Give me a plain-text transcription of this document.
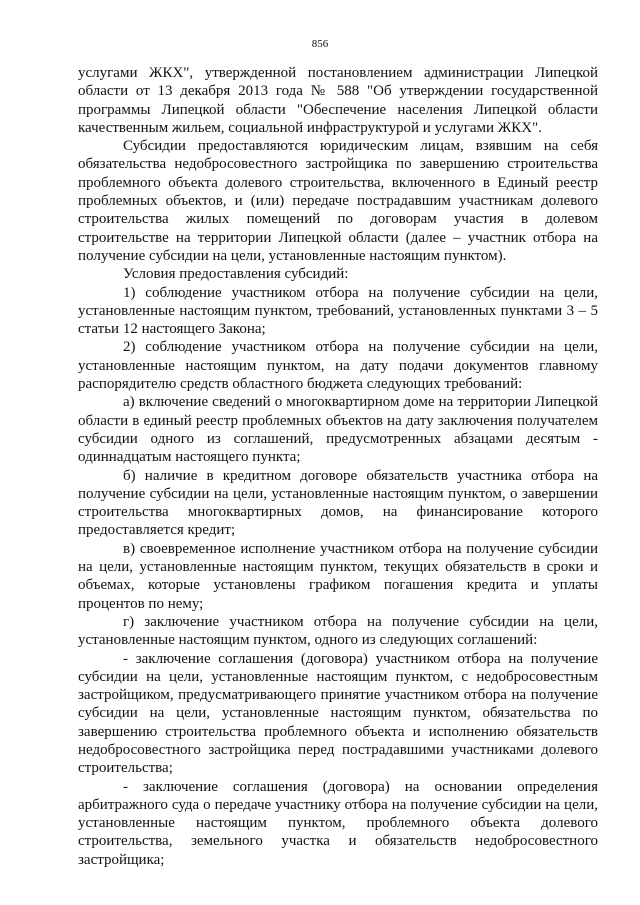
856

услугами ЖКХ", утвержденной постановлением администрации Липецкой области от 13 декабря 2013 года № 588 "Об утверждении государственной программы Липецкой области "Обеспечение населения Липецкой области качественным жильем, социальной инфраструктурой и услугами ЖКХ".

Субсидии предоставляются юридическим лицам, взявшим на себя обязательства недобросовестного застройщика по завершению строительства проблемного объекта долевого строительства, включенного в Единый реестр проблемных объектов, и (или) передаче пострадавшим участникам долевого строительства жилых помещений по договорам участия в долевом строительстве на территории Липецкой области (далее – участник отбора на получение субсидии на цели, установленные настоящим пунктом).

Условия предоставления субсидий:

1) соблюдение участником отбора на получение субсидии на цели, установленные настоящим пунктом, требований, установленных пунктами 3 – 5 статьи 12 настоящего Закона;

2) соблюдение участником отбора на получение субсидии на цели, установленные настоящим пунктом, на дату подачи документов главному распорядителю средств областного бюджета следующих требований:

а) включение сведений о многоквартирном доме на территории Липецкой области в единый реестр проблемных объектов на дату заключения получателем субсидии одного из соглашений, предусмотренных абзацами десятым - одиннадцатым настоящего пункта;

б) наличие в кредитном договоре обязательств участника отбора на получение субсидии на цели, установленные настоящим пунктом, о завершении строительства многоквартирных домов, на финансирование которого предоставляется кредит;

в) своевременное исполнение участником отбора на получение субсидии на цели, установленные настоящим пунктом, текущих обязательств в сроки и объемах, которые установлены графиком погашения кредита и уплаты процентов по нему;

г) заключение участником отбора на получение субсидии на цели, установленные настоящим пунктом, одного из следующих соглашений:

- заключение соглашения (договора) участником отбора на получение субсидии на цели, установленные настоящим пунктом, с недобросовестным застройщиком, предусматривающего принятие участником отбора на получение субсидии на цели, установленные настоящим пунктом, обязательства по завершению строительства проблемного объекта и исполнению обязательств недобросовестного застройщика перед пострадавшими участниками долевого строительства;

- заключение соглашения (договора) на основании определения арбитражного суда о передаче участнику отбора на получение субсидии на цели, установленные настоящим пунктом, проблемного объекта долевого строительства, земельного участка и обязательств недобросовестного застройщика;
